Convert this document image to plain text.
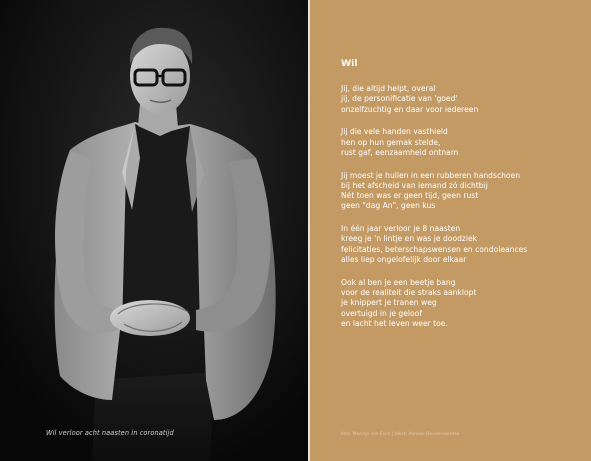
Wil verloor acht naasten in coronatijd
Wil
Jij, die altijd helpt, overal
jij, de personificatie van 'goed'
onzelfzuchtig en daar voor iedereen
Jij die vele handen vasthield
hen op hun gemak stelde,
rust gaf, eenzaamheid ontnam
Jij moest je hullen in een rubberen handschoen
bij het afscheid van iemand zó dichtbij
Nét toen was er geen tijd, geen rust
geen "dag An", geen kus
In één jaar verloor je 8 naasten
kreeg je 'n lintje en was je doodziek
felicitaties, beterschapswensen en condoleances
alles liep ongelofelijk door elkaar
Ook al ben je een beetje bang
voor de realiteit die straks aanklopt
je knippert je tranen weg
overtuigd in je geloof
en lacht het leven weer toe.
foto: Maartje van Esch | tekst: Anneke Duivenvoorden
